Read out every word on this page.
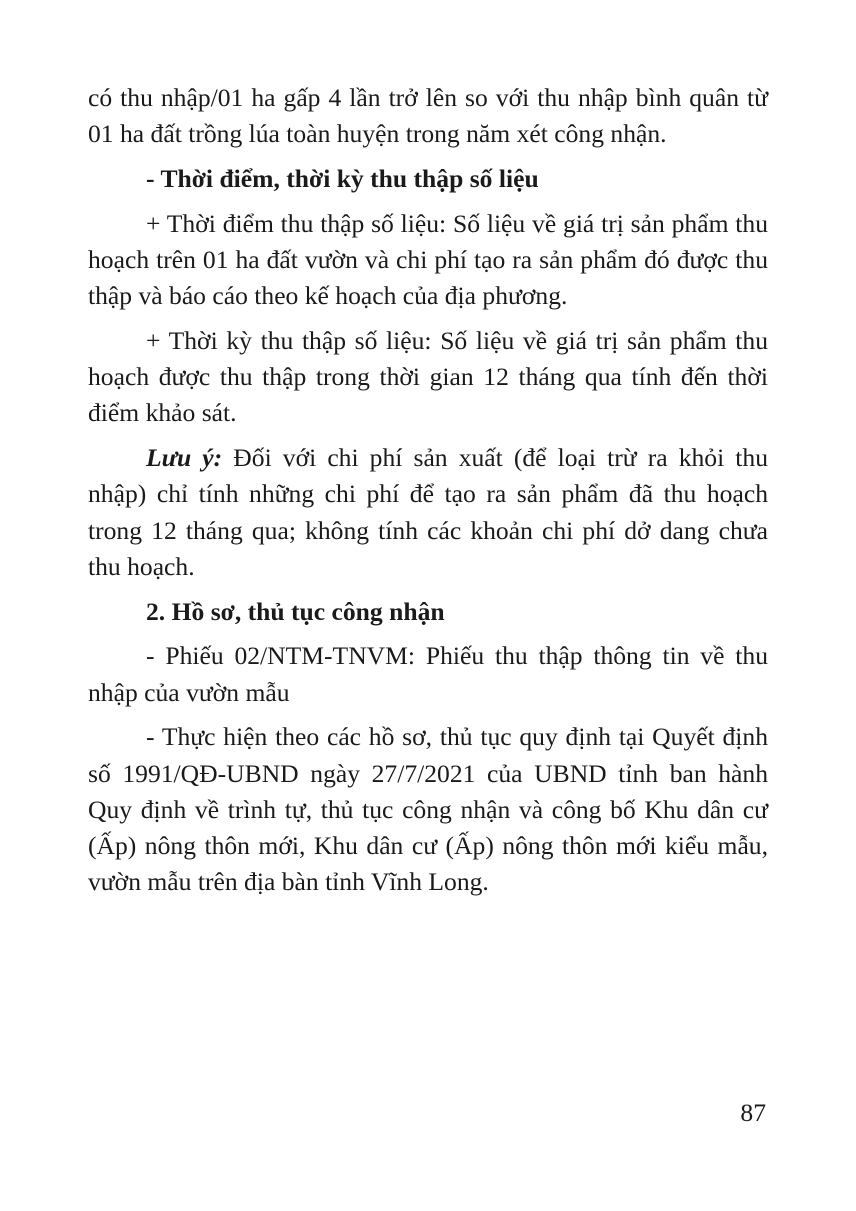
có thu nhập/01 ha gấp 4 lần trở lên so với thu nhập bình quân từ 01 ha đất trồng lúa toàn huyện trong năm xét công nhận.

- Thời điểm, thời kỳ thu thập số liệu

+ Thời điểm thu thập số liệu: Số liệu về giá trị sản phẩm thu hoạch trên 01 ha đất vườn và chi phí tạo ra sản phẩm đó được thu thập và báo cáo theo kế hoạch của địa phương.

+ Thời kỳ thu thập số liệu: Số liệu về giá trị sản phẩm thu hoạch được thu thập trong thời gian 12 tháng qua tính đến thời điểm khảo sát.

Lưu ý: Đối với chi phí sản xuất (để loại trừ ra khỏi thu nhập) chỉ tính những chi phí để tạo ra sản phẩm đã thu hoạch trong 12 tháng qua; không tính các khoản chi phí dở dang chưa thu hoạch.

2. Hồ sơ, thủ tục công nhận

- Phiếu 02/NTM-TNVM: Phiếu thu thập thông tin về thu nhập của vườn mẫu

- Thực hiện theo các hồ sơ, thủ tục quy định tại Quyết định số 1991/QĐ-UBND ngày 27/7/2021 của UBND tỉnh ban hành Quy định về trình tự, thủ tục công nhận và công bố Khu dân cư (Ấp) nông thôn mới, Khu dân cư (Ấp) nông thôn mới kiểu mẫu, vườn mẫu trên địa bàn tỉnh Vĩnh Long.

87
